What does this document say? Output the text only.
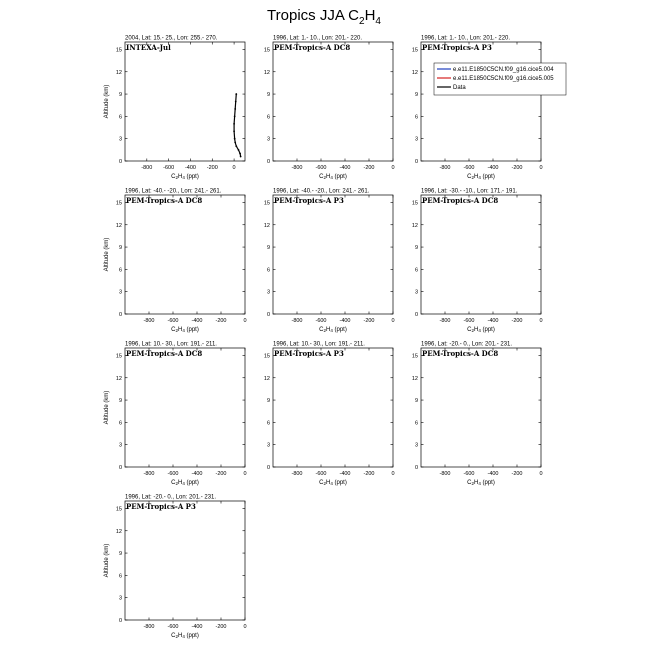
Tropics JJA $C_2H_4$
2004, Lat: 15.- 25., Lon: 255.- 270.
INTEXA-Jul
-800 -600 -400 -200	0
0
3
6
9
12
15
C2H4 (ppt)
Altitude (km)
1996, Lat: 1.- 10., Lon: 201.- 220.
PEM-Tropics-A DC8
-800 -600 -400 -200	0
0
3
6
9
12
15
C2H4 (ppt)
1996, Lat: 1.- 10., Lon: 201.- 220.
PEM-Tropics-A P3
-800 -600 -400 -200	0
0
3
6
9
12
15
C2H4 (ppt)
e.e11.E1850C5CN.f09_g16.cice5.004
e.e11.E1850C5CN.f09_g16.cice5.005
Data
1996, Lat: -40.- -20., Lon: 241.- 261.
PEM-Tropics-A DC8
-800 -600 -400 -200	0
0
3
6
9
12
15
C2H4 (ppt)
Altitude (km)
1996, Lat: -40.- -20., Lon: 241.- 261.
PEM-Tropics-A P3
-800 -600 -400 -200	0
0
3
6
9
12
15
C2H4 (ppt)
1996, Lat: -30.- -10., Lon: 171.- 191.
PEM-Tropics-A DC8
-800 -600 -400 -200	0
0
3
6
9
12
15
C2H4 (ppt)
1996, Lat: 10.- 30., Lon: 191.- 211.
PEM-Tropics-A DC8
-800 -600 -400 -200	0
0
3
6
9
12
15
C2H4 (ppt)
Altitude (km)
1996, Lat: 10.- 30., Lon: 191.- 211.
PEM-Tropics-A P3
-800 -600 -400 -200	0
0
3
6
9
12
15
C2H4 (ppt)
1996, Lat: -20.- 0., Lon: 201.- 231.
PEM-Tropics-A DC8
-800 -600 -400 -200	0
0
3
6
9
12
15
C2H4 (ppt)
1996, Lat: -20.- 0., Lon: 201.- 231.
PEM-Tropics-A P3
-800 -600 -400 -200	0
0
3
6
9
12
15
C2H4 (ppt)
Altitude (km)
